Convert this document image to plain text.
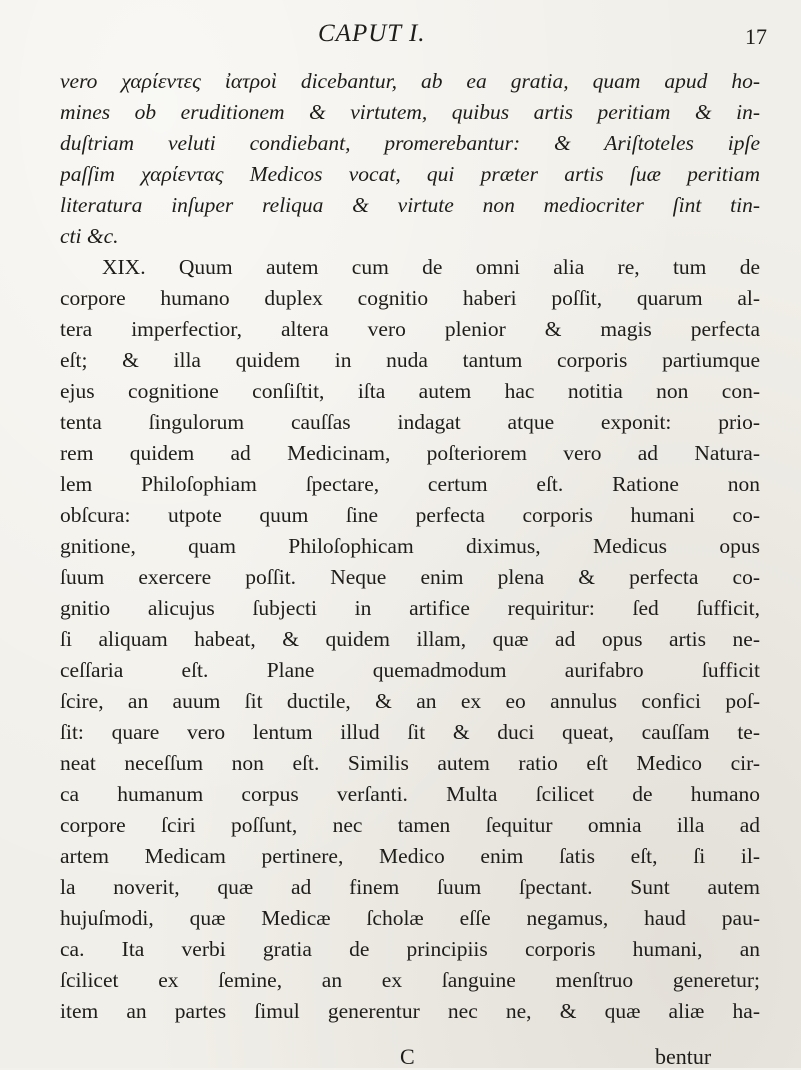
CAPUT I.	17
vero χαρίεντες ἰατροὶ dicebantur, ab ea gratia, quam apud ho-
mines ob eruditionem & virtutem, quibus artis peritiam & in-
duſtriam veluti condiebant, promerebantur: & Ariſtoteles ipſe
paſſim χαρίεντας Medicos vocat, qui præter artis ſuæ peritiam
literatura inſuper reliqua & virtute non mediocriter ſint tin-
cti &c.
XIX. Quum autem cum de omni alia re, tum de
corpore humano duplex cognitio haberi poſſit, quarum al-
tera imperfectior, altera vero plenior & magis perfecta
eſt; & illa quidem in nuda tantum corporis partiumque
ejus cognitione conſiſtit, iſta autem hac notitia non con-
tenta ſingulorum cauſſas indagat atque exponit: prio-
rem quidem ad Medicinam, poſteriorem vero ad Natura-
lem Philoſophiam ſpectare, certum eſt. Ratione non
obſcura: utpote quum ſine perfecta corporis humani co-
gnitione, quam Philoſophicam diximus, Medicus opus
ſuum exercere poſſit. Neque enim plena & perfecta co-
gnitio alicujus ſubjecti in artifice requiritur: ſed ſufficit,
ſi aliquam habeat, & quidem illam, quæ ad opus artis ne-
ceſſaria eſt. Plane quemadmodum aurifabro ſufficit
ſcire, an auum ſit ductile, & an ex eo annulus confici poſ-
ſit: quare vero lentum illud ſit & duci queat, cauſſam te-
neat neceſſum non eſt. Similis autem ratio eſt Medico cir-
ca humanum corpus verſanti. Multa ſcilicet de humano
corpore ſciri poſſunt, nec tamen ſequitur omnia illa ad
artem Medicam pertinere, Medico enim ſatis eſt, ſi il-
la noverit, quæ ad finem ſuum ſpectant. Sunt autem
hujuſmodi, quæ Medicæ ſcholæ eſſe negamus, haud pau-
ca. Ita verbi gratia de principiis corporis humani, an
ſcilicet ex ſemine, an ex ſanguine menſtruo generetur;
item an partes ſimul generentur nec ne, & quæ aliæ ha-
C	bentur
